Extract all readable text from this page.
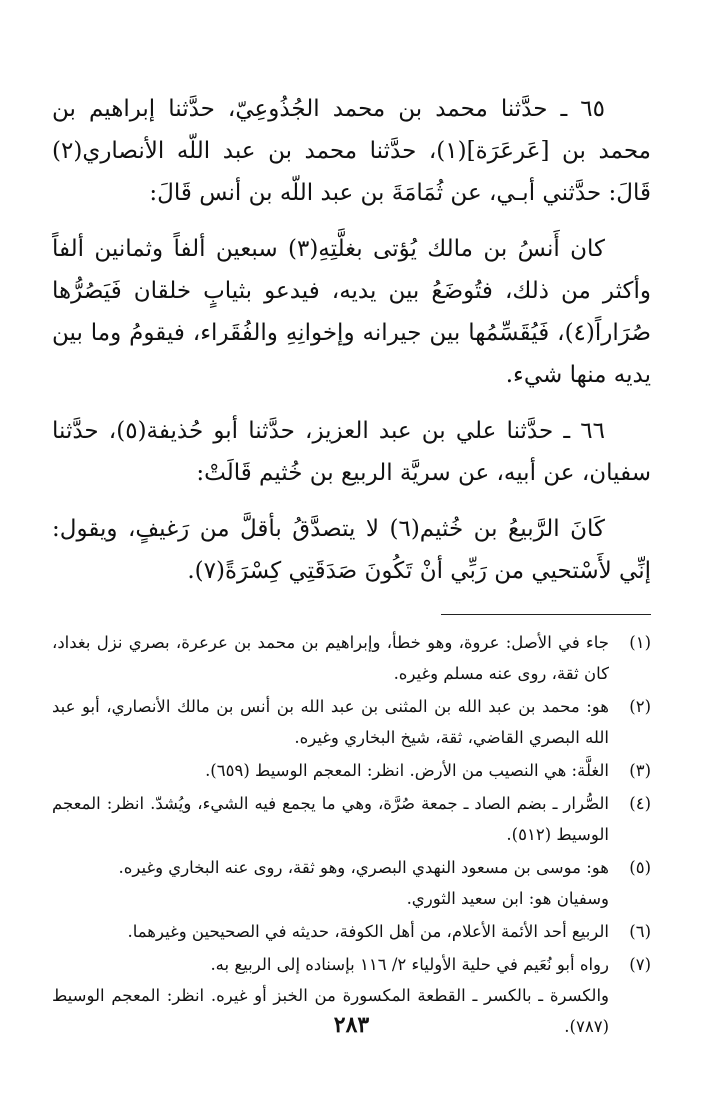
٦٥ ـ حدَّثنا محمد بن محمد الجُذُوعِيّ، حدَّثنا إبراهيم بن محمد بن [عَرعَرَة](١)، حدَّثنا محمد بن عبد اللّه الأنصاري(٢) قَالَ: حدَّثني أبـي، عن ثُمَامَةَ بن عبد اللّه بن أنس قَالَ:

كان أَنسُ بن مالك يُؤتى بغلَّتِهِ(٣) سبعين ألفاً وثمانين ألفاً وأكثر من ذلك، فتُوضَعُ بين يديه، فيدعو بثيابٍ خلقان فَيَصُرُّها صُرَاراً(٤)، فَيُقَسِّمُها بين جيرانه وإخوانِهِ والفُقَراء، فيقومُ وما بين يديه منها شيء.

٦٦ ـ حدَّثنا علي بن عبد العزيز، حدَّثنا أبو حُذيفة(٥)، حدَّثنا سفيان، عن أبيه، عن سريَّة الربيع بن خُثيم قَالَتْ:

كَانَ الرَّبيعُ بن خُثيم(٦) لا يتصدَّقُ بأقلَّ من رَغيفٍ، ويقول: إنِّي لأَسْتحيي من رَبِّي أنْ تَكُونَ صَدَقَتِي كِسْرَةً(٧).

(١)
جاء في الأصل: عروة، وهو خطأ، وإبراهيم بن محمد بن عرعرة، بصري نزل بغداد، كان ثقة، روى عنه مسلم وغيره.
(٢)
هو: محمد بن عبد الله بن المثنى بن عبد الله بن أنس بن مالك الأنصاري، أبو عبد الله البصري القاضي، ثقة، شيخ البخاري وغيره.
(٣)
الغلَّة: هي النصيب من الأرض. انظر: المعجم الوسيط (٦٥٩).
(٤)
الصُّرار ـ بضم الصاد ـ جمعة صُرَّة، وهي ما يجمع فيه الشيء، ويُشدّ. انظر: المعجم الوسيط (٥١٢).
(٥)
هو: موسى بن مسعود النهدي البصري، وهو ثقة، روى عنه البخاري وغيره.
وسفيان هو: ابن سعيد الثوري.
(٦)
الربيع أحد الأئمة الأعلام، من أهل الكوفة، حديثه في الصحيحين وغيرهما.
(٧)
رواه أبو نُعَيم في حلية الأولياء ٢/ ١١٦ بإسناده إلى الربيع به.
والكسرة ـ بالكسر ـ القطعة المكسورة من الخبز أو غيره. انظر: المعجم الوسيط (٧٨٧).
٢٨٣
